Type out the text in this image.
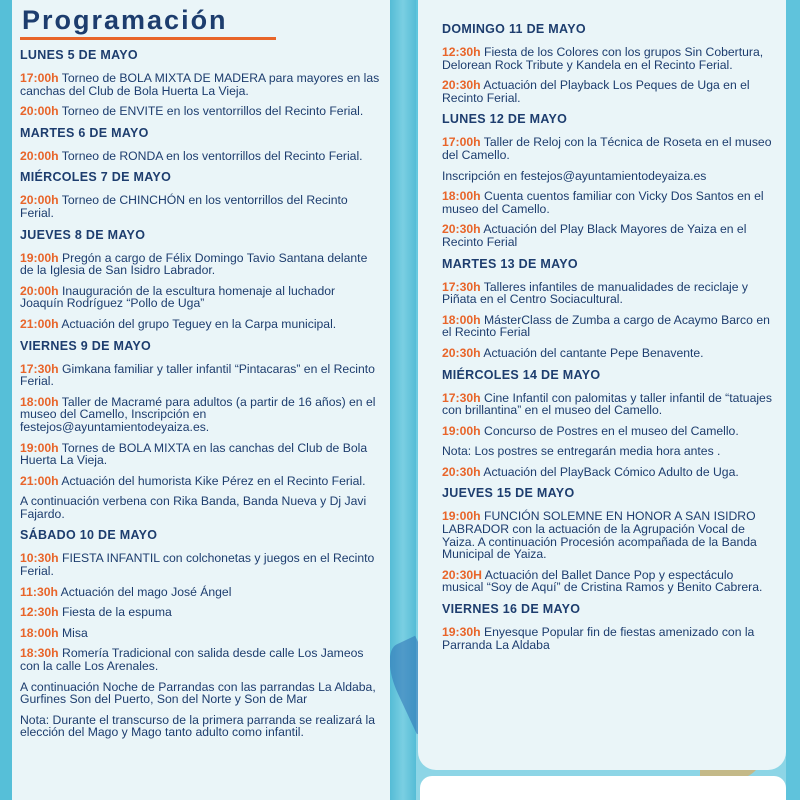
Programación
LUNES 5 DE MAYO
17:00h Torneo de BOLA MIXTA DE MADERA para mayores en las canchas del Club de Bola Huerta La Vieja.
20:00h Torneo de ENVITE en los ventorrillos del Recinto Ferial.
MARTES 6 DE MAYO
20:00h Torneo de RONDA en los ventorrillos del Recinto Ferial.
MIÉRCOLES 7 DE MAYO
20:00h Torneo de CHINCHÓN en los ventorrillos del Recinto Ferial.
JUEVES 8 DE MAYO
19:00h Pregón a cargo de Félix Domingo Tavio Santana delante de la Iglesia de San Isidro Labrador.
20:00h Inauguración de la escultura homenaje al luchador Joaquín Rodríguez “Pollo de Uga”
21:00h Actuación del grupo Teguey en la Carpa municipal.
VIERNES 9 DE MAYO
17:30h Gimkana familiar y taller infantil “Pintacaras” en el Recinto Ferial.
18:00h Taller de Macramé para adultos (a partir de 16 años) en el museo del Camello, Inscripción en festejos@ayuntamientodeyaiza.es.
19:00h Tornes de BOLA MIXTA en las canchas del Club de Bola Huerta La Vieja.
21:00h Actuación del humorista Kike Pérez en el Recinto Ferial.
A continuación verbena con Rika Banda, Banda Nueva y Dj Javi Fajardo.
SÁBADO 10 DE MAYO
10:30h FIESTA INFANTIL con colchonetas y juegos en el Recinto Ferial.
11:30h Actuación del mago José Ángel
12:30h Fiesta de la espuma
18:00h Misa
18:30h Romería Tradicional con salida desde calle Los Jameos con la calle Los Arenales.
A continuación Noche de Parrandas con las parrandas La Aldaba, Gurfines Son del Puerto, Son del Norte y Son de Mar
Nota: Durante el transcurso de la primera parranda se realizará la elección del Mago y Mago tanto adulto como infantil.
DOMINGO 11 DE MAYO
12:30h Fiesta de los Colores con los grupos Sin Cobertura, Delorean Rock Tribute y Kandela en el Recinto Ferial.
20:30h Actuación del Playback Los Peques de Uga en el Recinto Ferial.
LUNES 12 DE MAYO
17:00h Taller de Reloj con la Técnica de Roseta en el museo del Camello.
Inscripción en festejos@ayuntamientodeyaiza.es
18:00h Cuenta cuentos familiar con Vicky Dos Santos en el museo del Camello.
20:30h Actuación del Play Black Mayores de Yaiza en el Recinto Ferial
MARTES 13 DE MAYO
17:30h Talleres infantiles de manualidades de reciclaje y Piñata en el Centro Sociacultural.
18:00h MásterClass de Zumba a cargo de Acaymo Barco en el Recinto Ferial
20:30h Actuación del cantante Pepe Benavente.
MIÉRCOLES 14 DE MAYO
17:30h Cine Infantil con palomitas y taller infantil de “tatuajes con brillantina” en el museo del Camello.
19:00h Concurso de Postres en el museo del Camello.
Nota: Los postres se entregarán media hora antes .
20:30h Actuación del PlayBack Cómico Adulto de Uga.
JUEVES 15 DE MAYO
19:00h FUNCIÓN SOLEMNE EN HONOR A SAN ISIDRO LABRADOR con la actuación de la Agrupación Vocal de Yaiza. A continuación Procesión acompañada de la Banda Municipal de Yaiza.
20:30H Actuación del Ballet Dance Pop y espectáculo musical “Soy de Aquí” de Cristina Ramos y Benito Cabrera.
VIERNES 16 DE MAYO
19:30h Enyesque Popular fin de fiestas amenizado con la Parranda La Aldaba
